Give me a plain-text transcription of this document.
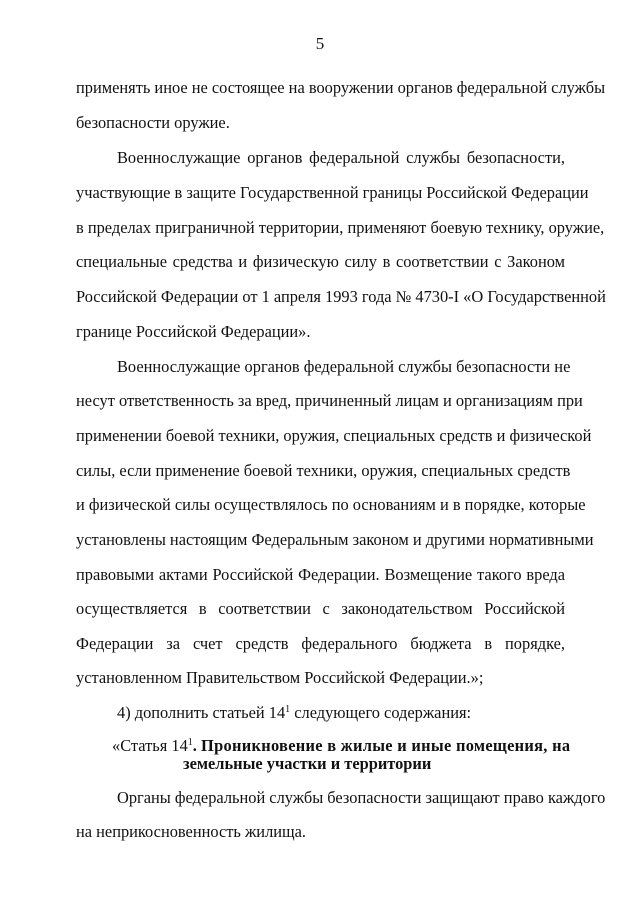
5
применять иное не состоящее на вооружении органов федеральной службы
безопасности оружие.
Военнослужащие органов федеральной службы безопасности,
участвующие в защите Государственной границы Российской Федерации
в пределах приграничной территории, применяют боевую технику, оружие,
специальные средства и физическую силу в соответствии с Законом
Российской Федерации от 1 апреля 1993 года № 4730-I «О Государственной
границе Российской Федерации».
Военнослужащие органов федеральной службы безопасности не
несут ответственность за вред, причиненный лицам и организациям при
применении боевой техники, оружия, специальных средств и физической
силы, если применение боевой техники, оружия, специальных средств
и физической силы осуществлялось по основаниям и в порядке, которые
установлены настоящим Федеральным законом и другими нормативными
правовыми актами Российской Федерации. Возмещение такого вреда
осуществляется в соответствии с законодательством Российской
Федерации за счет средств федерального бюджета в порядке,
установленном Правительством Российской Федерации.»;
4) дополнить статьей $14^1$ следующего содержания:
«Статья $14^1$. Проникновение в жилые и иные помещения, на
земельные участки и территории
Органы федеральной службы безопасности защищают право каждого
на неприкосновенность жилища.
